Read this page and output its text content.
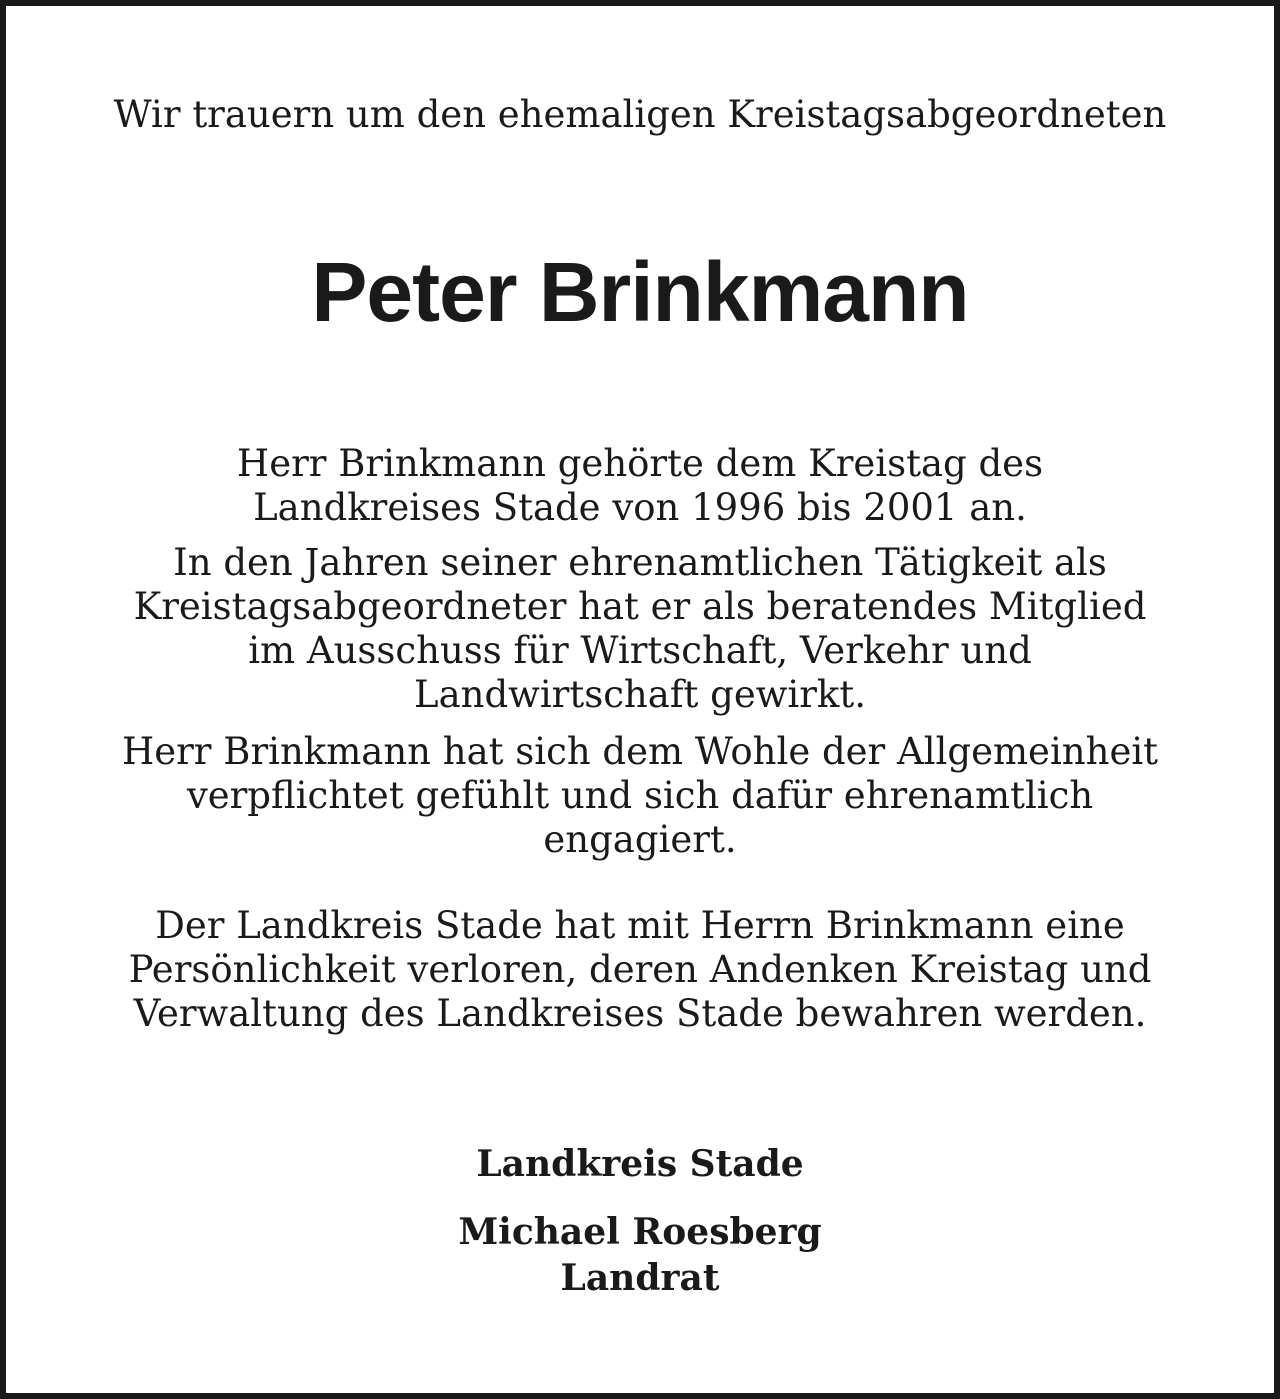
Wir trauern um den ehemaligen Kreistagsabgeordneten
Peter Brinkmann
Herr Brinkmann gehörte dem Kreistag des
Landkreises Stade von 1996 bis 2001 an.
In den Jahren seiner ehrenamtlichen Tätigkeit als
Kreistagsabgeordneter hat er als beratendes Mitglied
im Ausschuss für Wirtschaft, Verkehr und
Landwirtschaft gewirkt.
Herr Brinkmann hat sich dem Wohle der Allgemeinheit
verpflichtet gefühlt und sich dafür ehrenamtlich
engagiert.
Der Landkreis Stade hat mit Herrn Brinkmann eine
Persönlichkeit verloren, deren Andenken Kreistag und
Verwaltung des Landkreises Stade bewahren werden.
Landkreis Stade
Michael Roesberg
Landrat
